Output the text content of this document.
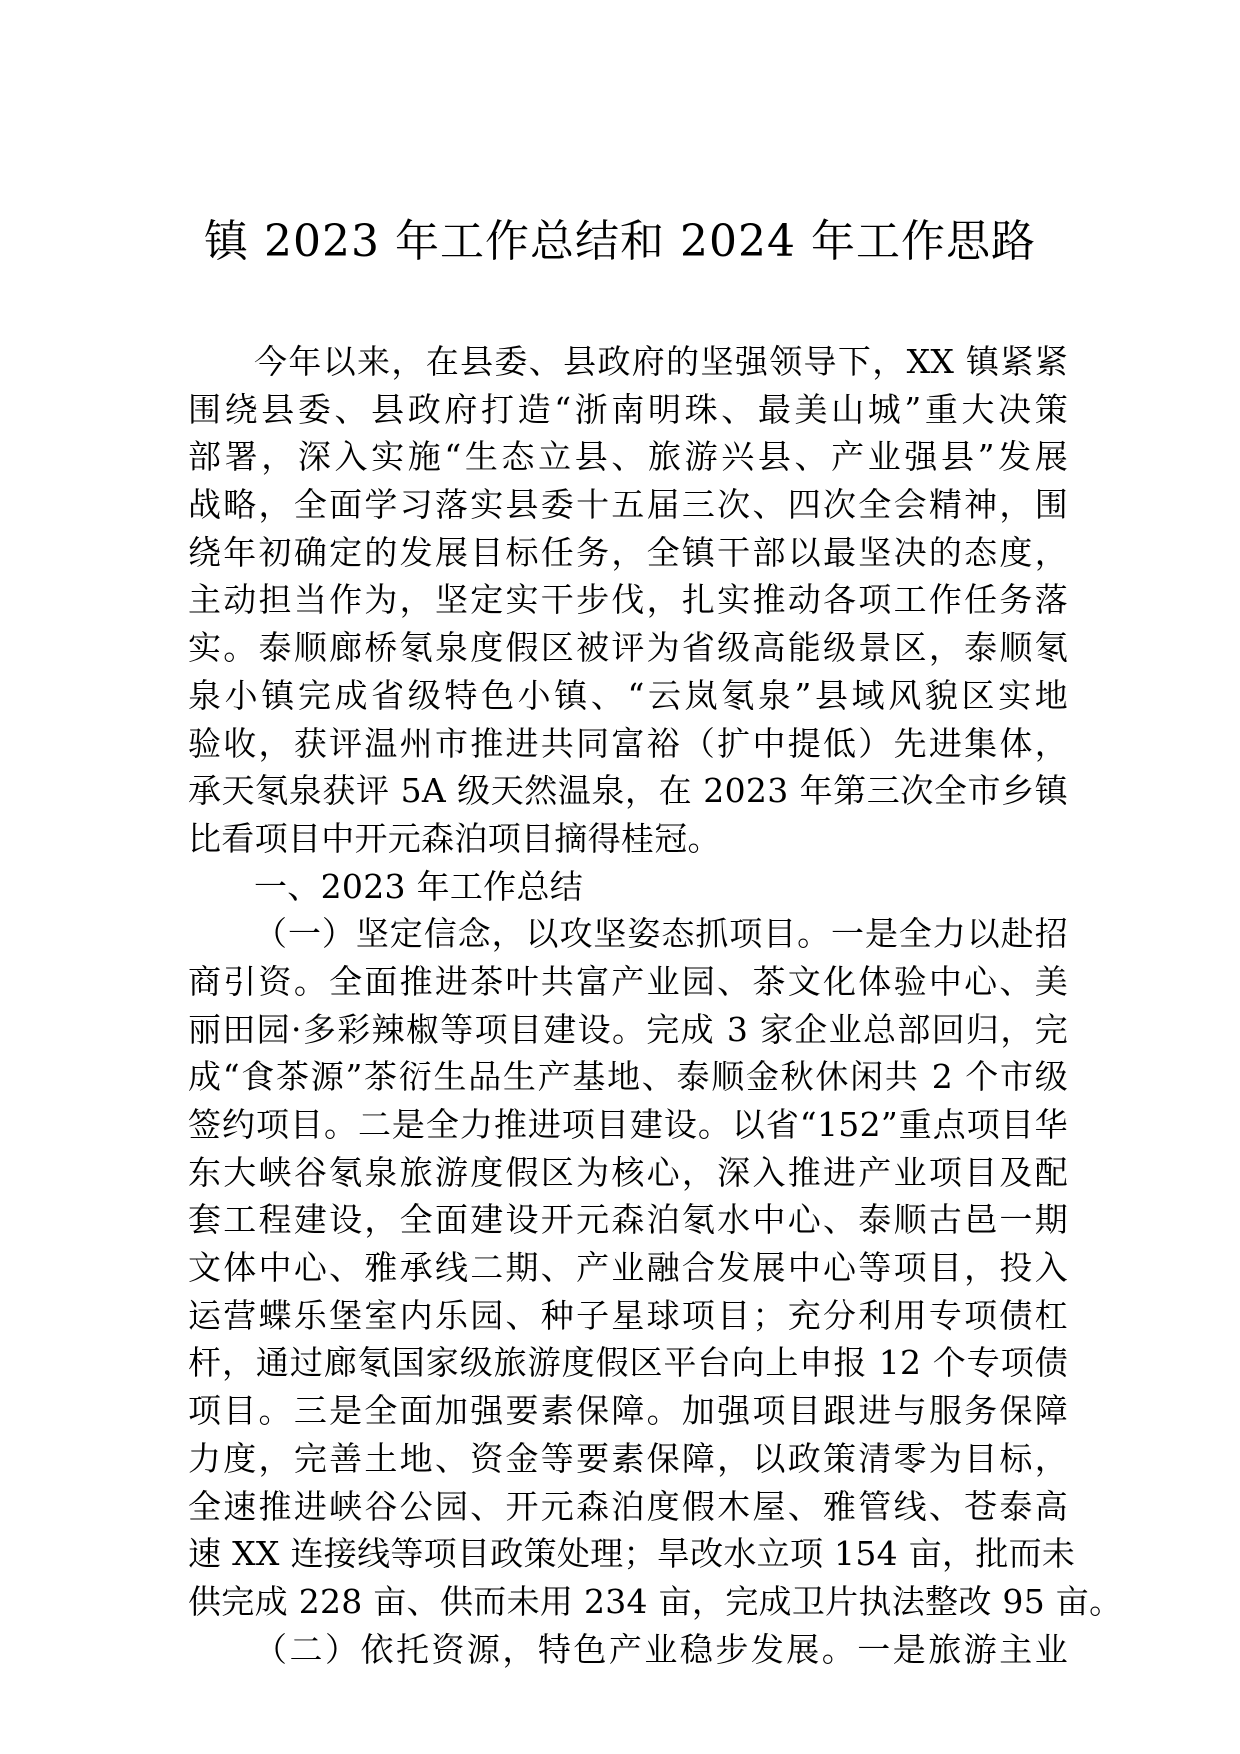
镇 2023 年工作总结和 2024 年工作思路
今年以来，在县委、县政府的坚强领导下，XX 镇紧紧
围绕县委、县政府打造“浙南明珠、最美山城”重大决策
部署，深入实施“生态立县、旅游兴县、产业强县”发展
战略，全面学习落实县委十五届三次、四次全会精神，围
绕年初确定的发展目标任务，全镇干部以最坚决的态度，
主动担当作为，坚定实干步伐，扎实推动各项工作任务落
实。泰顺廊桥氡泉度假区被评为省级高能级景区，泰顺氡
泉小镇完成省级特色小镇、“云岚氡泉”县域风貌区实地
验收，获评温州市推进共同富裕（扩中提低）先进集体，
承天氡泉获评 5A 级天然温泉，在 2023 年第三次全市乡镇
比看项目中开元森泊项目摘得桂冠。
一、2023 年工作总结
（一）坚定信念，以攻坚姿态抓项目。一是全力以赴招
商引资。全面推进茶叶共富产业园、茶文化体验中心、美
丽田园·多彩辣椒等项目建设。完成 3 家企业总部回归，完
成“食茶源”茶衍生品生产基地、泰顺金秋休闲共 2 个市级
签约项目。二是全力推进项目建设。以省“152”重点项目华
东大峡谷氡泉旅游度假区为核心，深入推进产业项目及配
套工程建设，全面建设开元森泊氡水中心、泰顺古邑一期
文体中心、雅承线二期、产业融合发展中心等项目，投入
运营蝶乐堡室内乐园、种子星球项目；充分利用专项债杠
杆，通过廊氡国家级旅游度假区平台向上申报 12 个专项债
项目。三是全面加强要素保障。加强项目跟进与服务保障
力度，完善土地、资金等要素保障，以政策清零为目标，
全速推进峡谷公园、开元森泊度假木屋、雅管线、苍泰高
速 XX 连接线等项目政策处理；旱改水立项 154 亩，批而未
供完成 228 亩、供而未用 234 亩，完成卫片执法整改 95 亩。
（二）依托资源，特色产业稳步发展。一是旅游主业
